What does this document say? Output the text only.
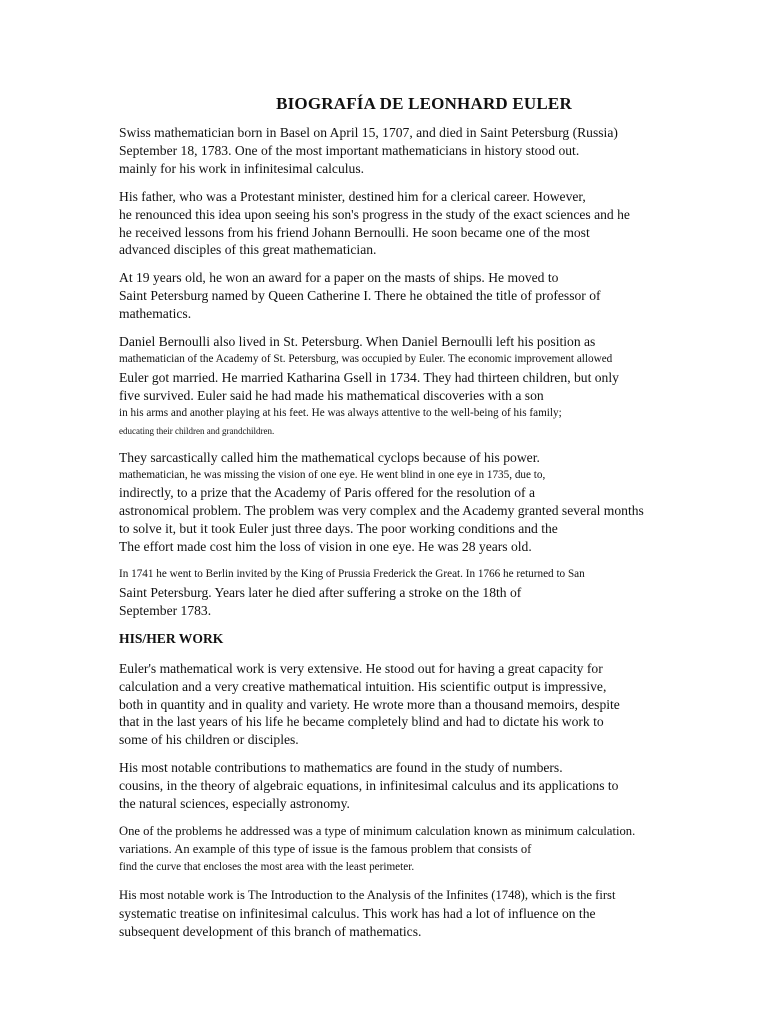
BIOGRAFÍA DE LEONHARD EULER
Swiss mathematician born in Basel on April 15, 1707, and died in Saint Petersburg (Russia)
September 18, 1783. One of the most important mathematicians in history stood out.
mainly for his work in infinitesimal calculus.
His father, who was a Protestant minister, destined him for a clerical career. However,
he renounced this idea upon seeing his son's progress in the study of the exact sciences and he
he received lessons from his friend Johann Bernoulli. He soon became one of the most
advanced disciples of this great mathematician.
At 19 years old, he won an award for a paper on the masts of ships. He moved to
Saint Petersburg named by Queen Catherine I. There he obtained the title of professor of
mathematics.
Daniel Bernoulli also lived in St. Petersburg. When Daniel Bernoulli left his position as
mathematician of the Academy of St. Petersburg, was occupied by Euler. The economic improvement allowed
Euler got married. He married Katharina Gsell in 1734. They had thirteen children, but only
five survived. Euler said he had made his mathematical discoveries with a son
in his arms and another playing at his feet. He was always attentive to the well-being of his family;
educating their children and grandchildren.
They sarcastically called him the mathematical cyclops because of his power.
mathematician, he was missing the vision of one eye. He went blind in one eye in 1735, due to,
indirectly, to a prize that the Academy of Paris offered for the resolution of a
astronomical problem. The problem was very complex and the Academy granted several months
to solve it, but it took Euler just three days. The poor working conditions and the
The effort made cost him the loss of vision in one eye. He was 28 years old.
In 1741 he went to Berlin invited by the King of Prussia Frederick the Great. In 1766 he returned to San
Saint Petersburg. Years later he died after suffering a stroke on the 18th of
September 1783.
HIS/HER WORK
Euler's mathematical work is very extensive. He stood out for having a great capacity for
calculation and a very creative mathematical intuition. His scientific output is impressive,
both in quantity and in quality and variety. He wrote more than a thousand memoirs, despite
that in the last years of his life he became completely blind and had to dictate his work to
some of his children or disciples.
His most notable contributions to mathematics are found in the study of numbers.
cousins, in the theory of algebraic equations, in infinitesimal calculus and its applications to
the natural sciences, especially astronomy.
One of the problems he addressed was a type of minimum calculation known as minimum calculation.
variations. An example of this type of issue is the famous problem that consists of
find the curve that encloses the most area with the least perimeter.
His most notable work is The Introduction to the Analysis of the Infinites (1748), which is the first
systematic treatise on infinitesimal calculus. This work has had a lot of influence on the
subsequent development of this branch of mathematics.
